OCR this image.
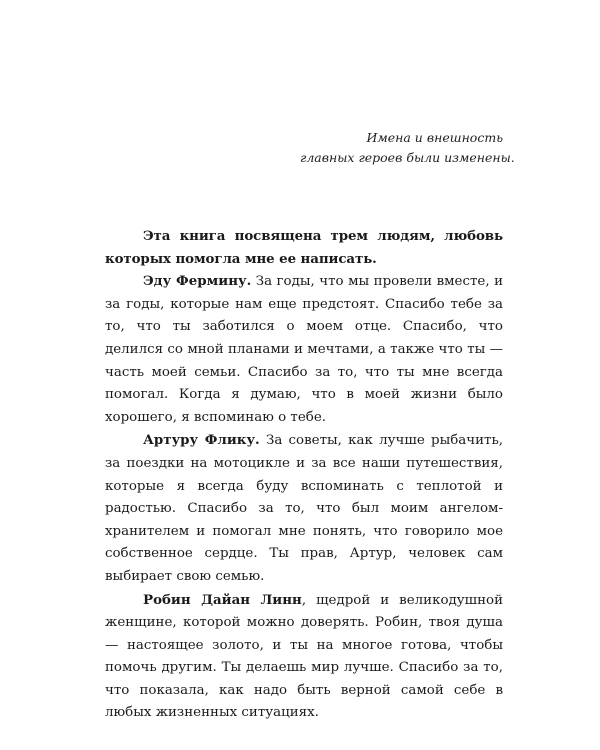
Имена и внешность
главных героев были изменены.

Эта книга посвящена трем людям, любовь которых помогла мне ее написать.

Эду Фермину. За годы, что мы провели вместе, и за годы, которые нам еще предстоят. Спасибо тебе за то, что ты заботился о моем отце. Спасибо, что делился со мной планами и мечтами, а также что ты — часть моей семьи. Спасибо за то, что ты мне всегда помогал. Когда я думаю, что в моей жизни было хорошего, я вспоминаю о тебе.

Артуру Флику. За советы, как лучше рыбачить, за поездки на мотоцикле и за все наши путешествия, которые я всегда буду вспоминать с теплотой и радостью. Спасибо за то, что был моим ангелом-хранителем и помогал мне понять, что говорило мое собственное сердце. Ты прав, Артур, человек сам выбирает свою семью.

Робин Дайан Линн, щедрой и великодушной женщине, которой можно доверять. Робин, твоя душа — настоящее золото, и ты на многое готова, чтобы помочь другим. Ты делаешь мир лучше. Спасибо за то, что показала, как надо быть верной самой себе в любых жизненных ситуациях.
